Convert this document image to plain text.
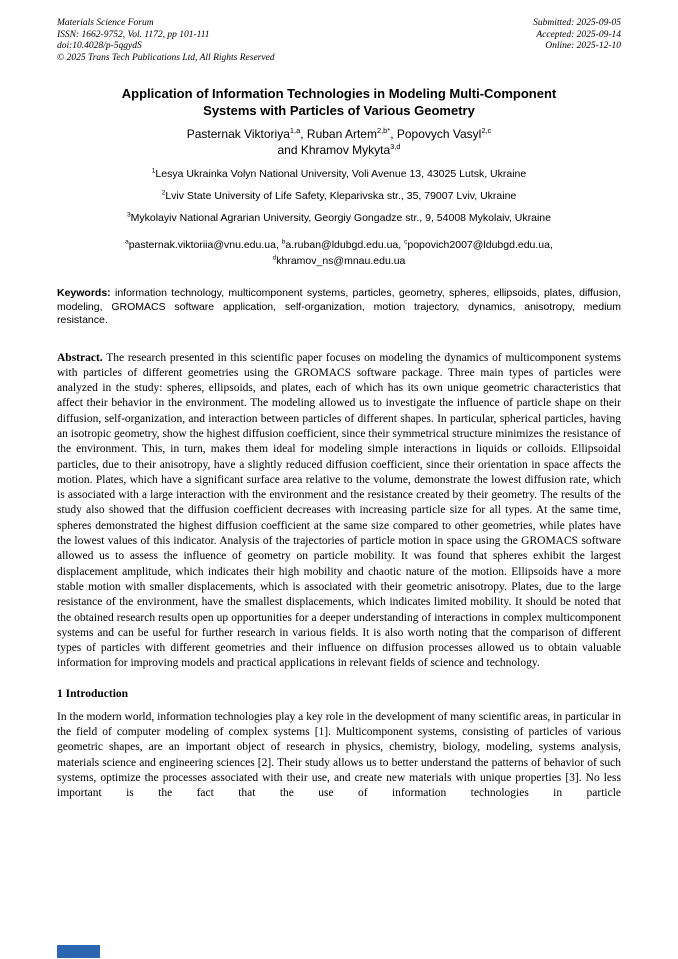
Materials Science Forum
ISSN: 1662-9752, Vol. 1172, pp 101-111
doi:10.4028/p-5qgydS
© 2025 Trans Tech Publications Ltd, All Rights Reserved
Submitted: 2025-09-05
Accepted: 2025-09-14
Online: 2025-12-10
Application of Information Technologies in Modeling Multi-Component
Systems with Particles of Various Geometry
Pasternak Viktoriya$^{1,a}$, Ruban Artem$^{2,b*}$, Popovych Vasyl$^{2,c}$
and Khramov Mykyta$^{3,d}$
$^1$Lesya Ukrainka Volyn National University, Voli Avenue 13, 43025 Lutsk, Ukraine
$^2$Lviv State University of Life Safety, Kleparivska str., 35, 79007 Lviv, Ukraine
$^3$Mykolayiv National Agrarian University, Georgiy Gongadze str., 9, 54008 Mykolaiv, Ukraine
$^a$pasternak.viktoriia@vnu.edu.ua, $^b$a.ruban@ldubgd.edu.ua, $^c$popovich2007@ldubgd.edu.ua,
$^d$khramov_ns@mnau.edu.ua

Keywords: information technology, multicomponent systems, particles, geometry, spheres, ellipsoids, plates, diffusion, modeling, GROMACS software application, self-organization, motion trajectory, dynamics, anisotropy, medium resistance.

Abstract. The research presented in this scientific paper focuses on modeling the dynamics of multicomponent systems with particles of different geometries using the GROMACS software package. Three main types of particles were analyzed in the study: spheres, ellipsoids, and plates, each of which has its own unique geometric characteristics that affect their behavior in the environment. The modeling allowed us to investigate the influence of particle shape on their diffusion, self-organization, and interaction between particles of different shapes. In particular, spherical particles, having an isotropic geometry, show the highest diffusion coefficient, since their symmetrical structure minimizes the resistance of the environment. This, in turn, makes them ideal for modeling simple interactions in liquids or colloids. Ellipsoidal particles, due to their anisotropy, have a slightly reduced diffusion coefficient, since their orientation in space affects the motion. Plates, which have a significant surface area relative to the volume, demonstrate the lowest diffusion rate, which is associated with a large interaction with the environment and the resistance created by their geometry. The results of the study also showed that the diffusion coefficient decreases with increasing particle size for all types. At the same time, spheres demonstrated the highest diffusion coefficient at the same size compared to other geometries, while plates have the lowest values of this indicator. Analysis of the trajectories of particle motion in space using the GROMACS software allowed us to assess the influence of geometry on particle mobility. It was found that spheres exhibit the largest displacement amplitude, which indicates their high mobility and chaotic nature of the motion. Ellipsoids have a more stable motion with smaller displacements, which is associated with their geometric anisotropy. Plates, due to the large resistance of the environment, have the smallest displacements, which indicates limited mobility. It should be noted that the obtained research results open up opportunities for a deeper understanding of interactions in complex multicomponent systems and can be useful for further research in various fields. It is also worth noting that the comparison of different types of particles with different geometries and their influence on diffusion processes allowed us to obtain valuable information for improving models and practical applications in relevant fields of science and technology.

1 Introduction

In the modern world, information technologies play a key role in the development of many scientific areas, in particular in the field of computer modeling of complex systems [1]. Multicomponent systems, consisting of particles of various geometric shapes, are an important object of research in physics, chemistry, biology, modeling, systems analysis, materials science and engineering sciences [2]. Their study allows us to better understand the patterns of behavior of such systems, optimize the processes associated with their use, and create new materials with unique properties [3]. No less important is the fact that the use of information technologies in particle
